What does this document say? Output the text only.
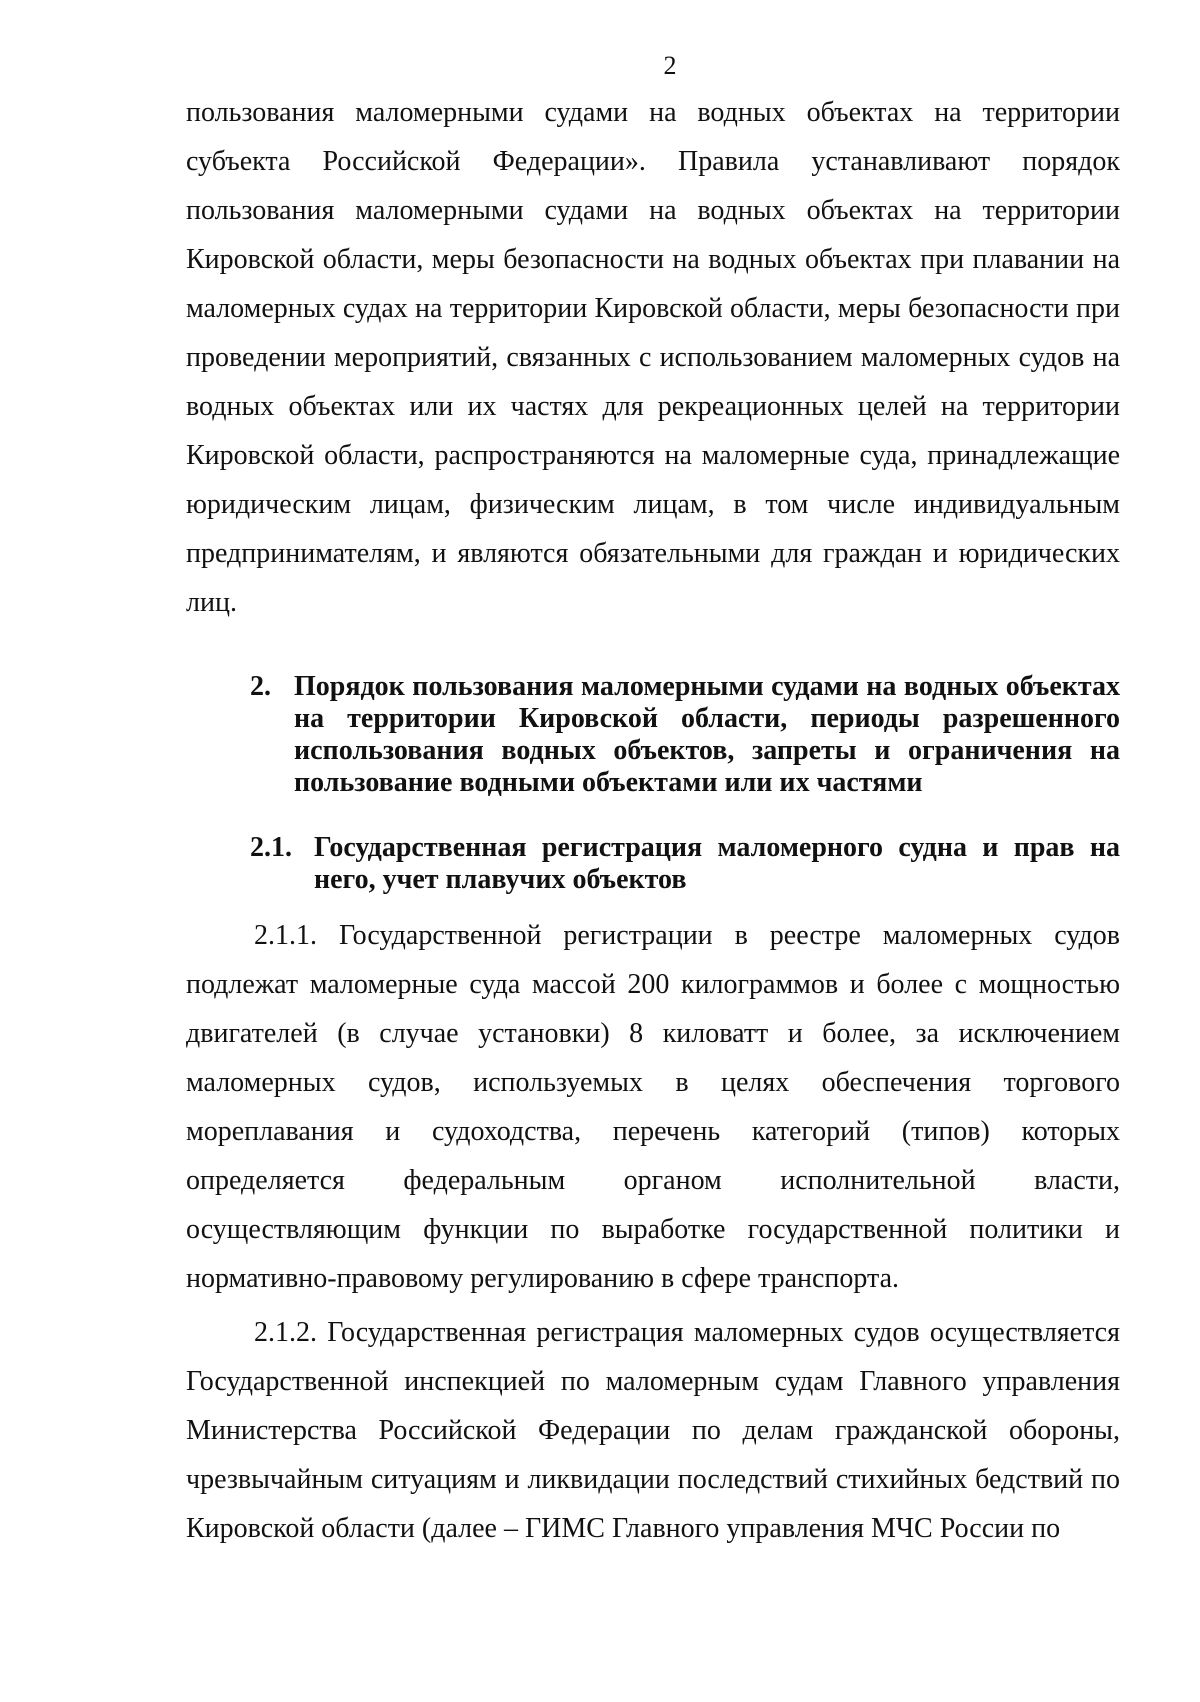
2

пользования маломерными судами на водных объектах на территории субъекта Российской Федерации». Правила устанавливают порядок пользования маломерными судами на водных объектах на территории Кировской области, меры безопасности на водных объектах при плавании на маломерных судах на территории Кировской области, меры безопасности при проведении мероприятий, связанных с использованием маломерных судов на водных объектах или их частях для рекреационных целей на территории Кировской области, распространяются на маломерные суда, принадлежащие юридическим лицам, физическим лицам, в том числе индивидуальным предпринимателям, и являются обязательными для граждан и юридических лиц.

2. Порядок пользования маломерными судами на водных объектах на территории Кировской области, периоды разрешенного использования водных объектов, запреты и ограничения на пользование водными объектами или их частями
2.1. Государственная регистрация маломерного судна и прав на него, учет плавучих объектов

2.1.1. Государственной регистрации в реестре маломерных судов подлежат маломерные суда массой 200 килограммов и более с мощностью двигателей (в случае установки) 8 киловатт и более, за исключением маломерных судов, используемых в целях обеспечения торгового мореплавания и судоходства, перечень категорий (типов) которых определяется федеральным органом исполнительной власти, осуществляющим функции по выработке государственной политики и нормативно-правовому регулированию в сфере транспорта.

2.1.2. Государственная регистрация маломерных судов осуществляется Государственной инспекцией по маломерным судам Главного управления Министерства Российской Федерации по делам гражданской обороны, чрезвычайным ситуациям и ликвидации последствий стихийных бедствий по Кировской области (далее – ГИМС Главного управления МЧС России по
